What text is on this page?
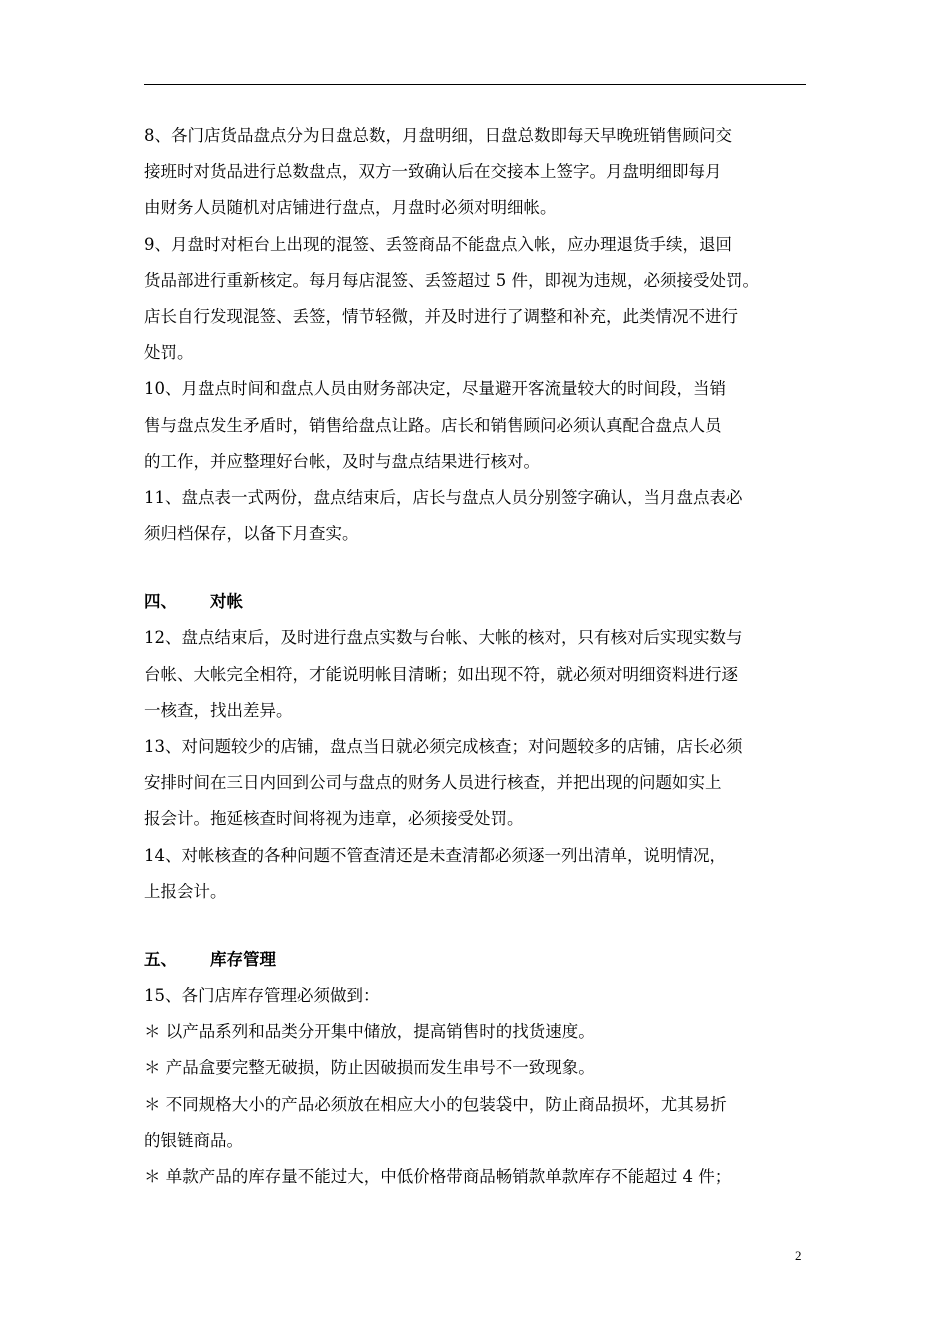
8、各门店货品盘点分为日盘总数，月盘明细，日盘总数即每天早晚班销售顾问交
接班时对货品进行总数盘点，双方一致确认后在交接本上签字。月盘明细即每月
由财务人员随机对店铺进行盘点，月盘时必须对明细帐。

9、月盘时对柜台上出现的混签、丢签商品不能盘点入帐，应办理退货手续，退回
货品部进行重新核定。每月每店混签、丢签超过 5 件，即视为违规，必须接受处罚。
店长自行发现混签、丢签，情节轻微，并及时进行了调整和补充，此类情况不进行
处罚。

10、月盘点时间和盘点人员由财务部决定，尽量避开客流量较大的时间段，当销
售与盘点发生矛盾时，销售给盘点让路。店长和销售顾问必须认真配合盘点人员
的工作，并应整理好台帐，及时与盘点结果进行核对。

11、盘点表一式两份，盘点结束后，店长与盘点人员分别签字确认，当月盘点表必
须归档保存，以备下月查实。

四、	对帐

12、盘点结束后，及时进行盘点实数与台帐、大帐的核对，只有核对后实现实数与
台帐、大帐完全相符，才能说明帐目清晰；如出现不符，就必须对明细资料进行逐
一核查，找出差异。

13、对问题较少的店铺，盘点当日就必须完成核查；对问题较多的店铺，店长必须
安排时间在三日内回到公司与盘点的财务人员进行核查，并把出现的问题如实上
报会计。拖延核查时间将视为违章，必须接受处罚。

14、对帐核查的各种问题不管查清还是未查清都必须逐一列出清单，说明情况，
上报会计。

五、	库存管理

15、各门店库存管理必须做到：

＊ 以产品系列和品类分开集中储放，提高销售时的找货速度。

＊ 产品盒要完整无破损，防止因破损而发生串号不一致现象。

＊ 不同规格大小的产品必须放在相应大小的包装袋中，防止商品损坏，尤其易折
的银链商品。

＊ 单款产品的库存量不能过大，中低价格带商品畅销款单款库存不能超过 4 件；

2
